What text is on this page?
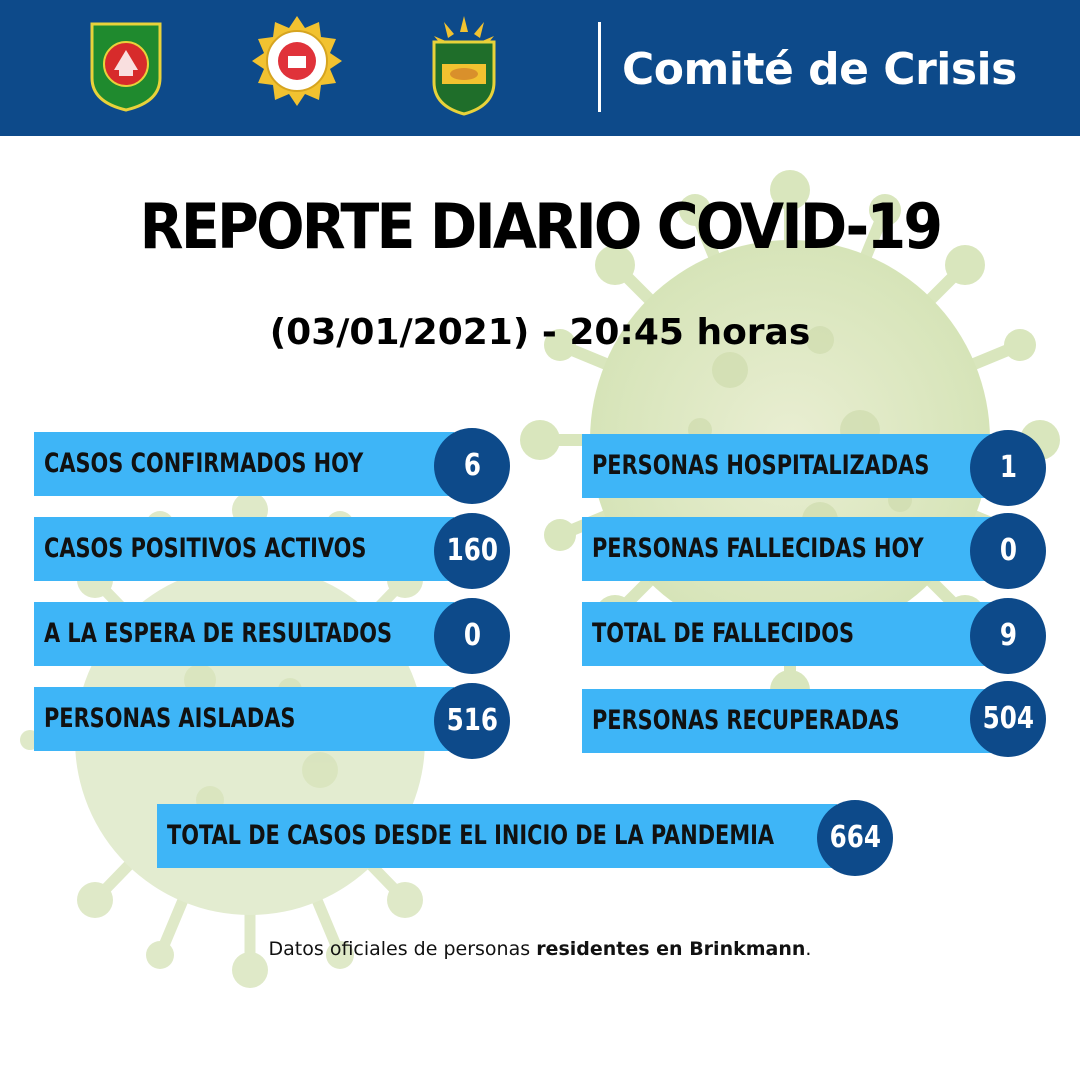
Comité de Crisis
REPORTE DIARIO COVID-19
(03/01/2021) - 20:45 horas
CASOS CONFIRMADOS HOY	6
CASOS POSITIVOS ACTIVOS	160
A LA ESPERA DE RESULTADOS	0
PERSONAS AISLADAS	516
PERSONAS HOSPITALIZADAS	1
PERSONAS FALLECIDAS HOY	0
TOTAL DE FALLECIDOS	9
PERSONAS RECUPERADAS	504
TOTAL DE CASOS DESDE EL INICIO DE LA PANDEMIA	664
Datos oficiales de personas residentes en Brinkmann.
